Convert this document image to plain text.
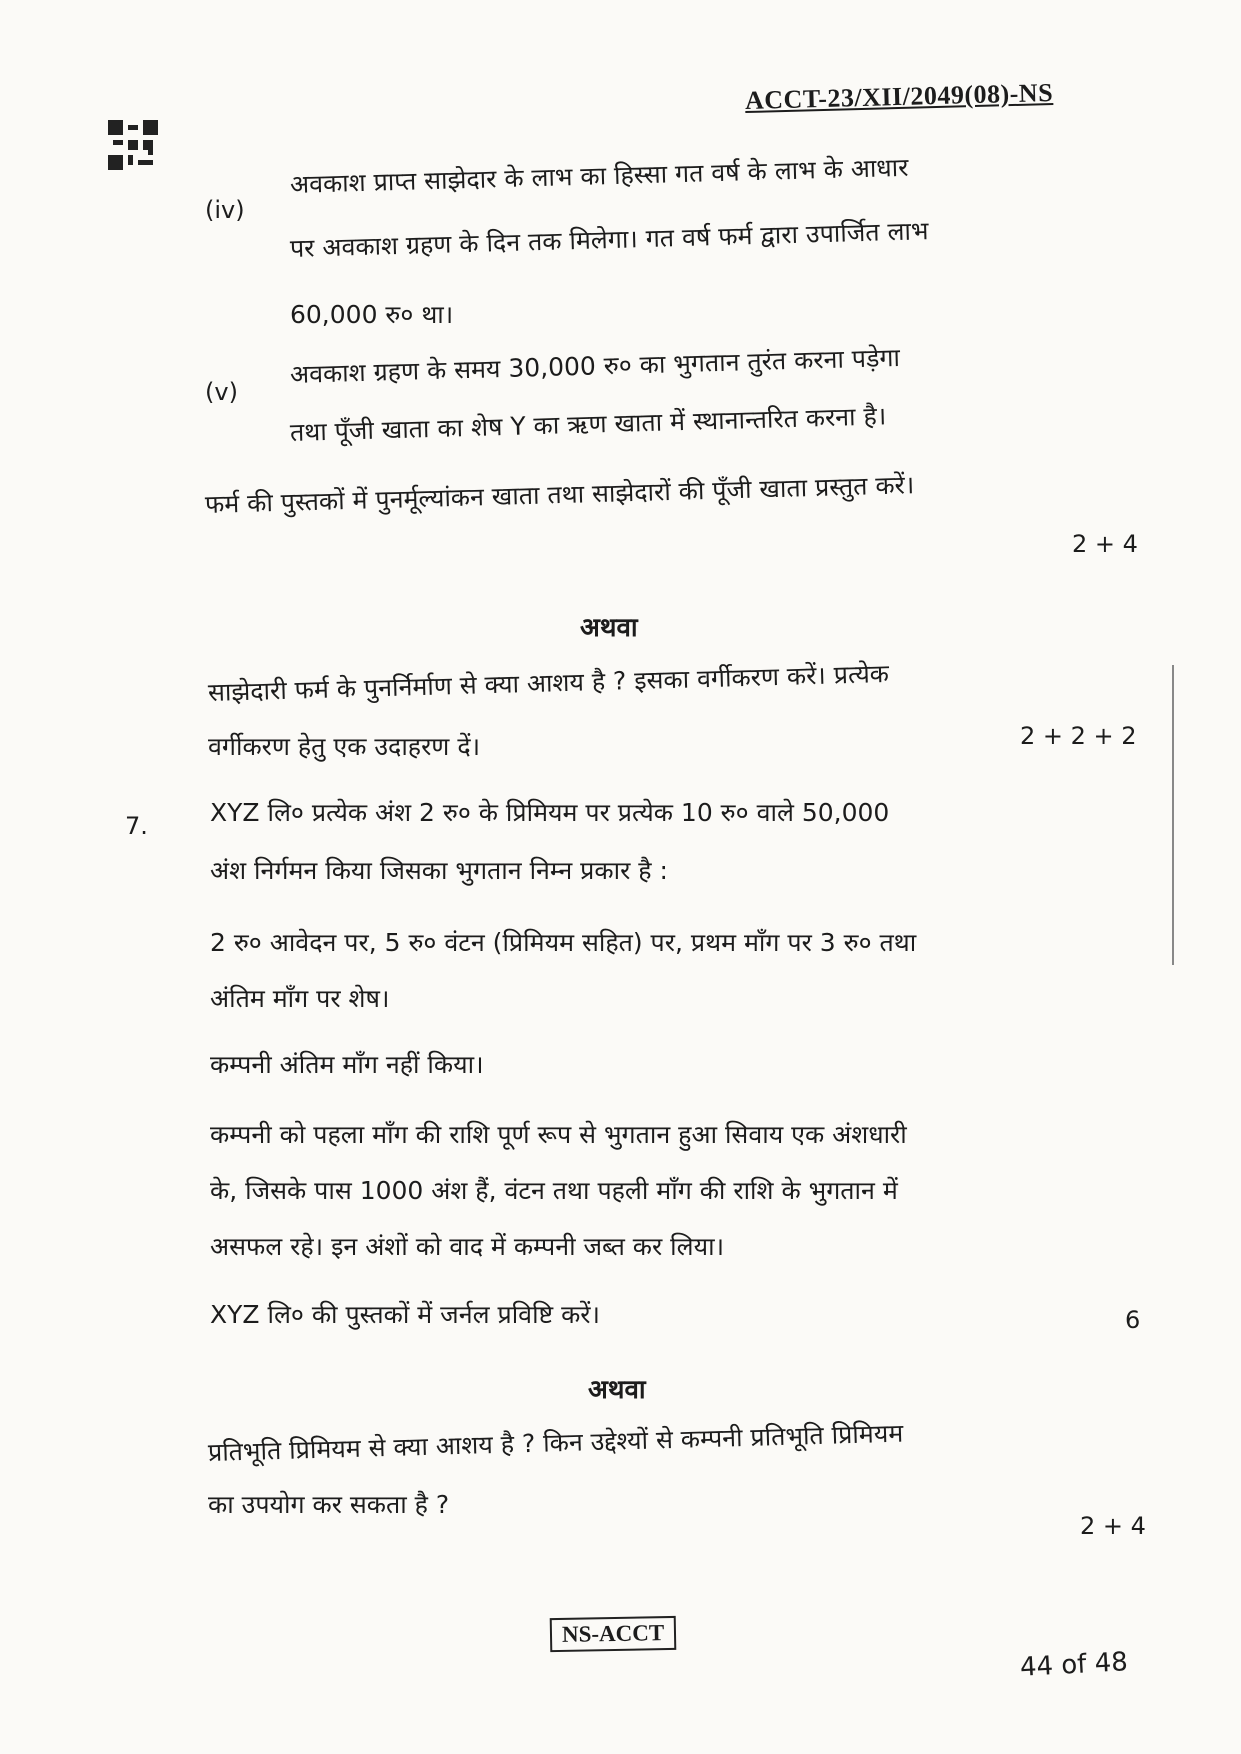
ACCT-23/XII/2049(08)-NS
(iv)
अवकाश प्राप्त साझेदार के लाभ का हिस्सा गत वर्ष के लाभ के आधार
पर अवकाश ग्रहण के दिन तक मिलेगा। गत वर्ष फर्म द्वारा उपार्जित लाभ
60,000 रु० था।
(v)
अवकाश ग्रहण के समय 30,000 रु० का भुगतान तुरंत करना पड़ेगा
तथा पूँजी खाता का शेष Y का ऋण खाता में स्थानान्तरित करना है।
फर्म की पुस्तकों में पुनर्मूल्यांकन खाता तथा साझेदारों की पूँजी खाता प्रस्तुत करें।
2 + 4
अथवा
साझेदारी फर्म के पुनर्निर्माण से क्या आशय है ? इसका वर्गीकरण करें। प्रत्येक
वर्गीकरण हेतु एक उदाहरण दें।	2 + 2 + 2
7. XYZ लि० प्रत्येक अंश 2 रु० के प्रिमियम पर प्रत्येक 10 रु० वाले 50,000
अंश निर्गमन किया जिसका भुगतान निम्न प्रकार है :
2 रु० आवेदन पर, 5 रु० वंटन (प्रिमियम सहित) पर, प्रथम माँग पर 3 रु० तथा
अंतिम माँग पर शेष।
कम्पनी अंतिम माँग नहीं किया।
कम्पनी को पहला माँग की राशि पूर्ण रूप से भुगतान हुआ सिवाय एक अंशधारी
के, जिसके पास 1000 अंश हैं, वंटन तथा पहली माँग की राशि के भुगतान में
असफल रहे। इन अंशों को वाद में कम्पनी जब्त कर लिया।
XYZ लि० की पुस्तकों में जर्नल प्रविष्टि करें।	6
अथवा
प्रतिभूति प्रिमियम से क्या आशय है ? किन उद्देश्यों से कम्पनी प्रतिभूति प्रिमियम
का उपयोग कर सकता है ?
2 + 4
NS-ACCT
44 of 48
